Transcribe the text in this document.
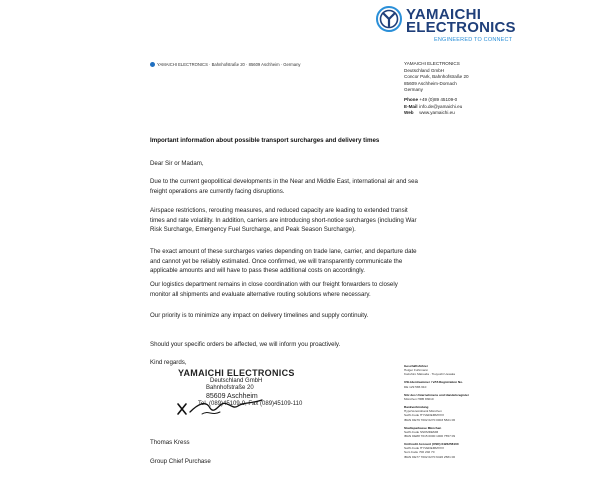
YAMAICHI
ELECTRONICS
ENGINEERED TO CONNECT
YAMAICHI ELECTRONICS · Bahnhofstraße 20 · 85609 Aschheim · Germany	YAMAICHI ELECTRONICS
Deutschland GmbH
Concor Park, Bahnhofstraße 20
85609 Aschheim-Dornach
Germany
Phone +49 (0)89 45109-0
E-Mail info.de@yamaichi.eu
Web www.yamaichi.eu
Important information about possible transport surcharges and delivery times
Dear Sir or Madam,
Due to the current geopolitical developments in the Near and Middle East, international air and sea
freight operations are currently facing disruptions.
Airspace restrictions, rerouting measures, and reduced capacity are leading to extended transit
times and rate volatility. In addition, carriers are introducing short-notice surcharges (including War
Risk Surcharge, Emergency Fuel Surcharge, and Peak Season Surcharge).
The exact amount of these surcharges varies depending on trade lane, carrier, and departure date
and cannot yet be reliably estimated. Once confirmed, we will transparently communicate the
applicable amounts and will have to pass these additional costs on accordingly.
Our logistics department remains in close coordination with our freight forwarders to closely
monitor all shipments and evaluate alternative routing solutions where necessary.
Our priority is to minimize any impact on delivery timelines and supply continuity.
Should your specific orders be affected, we will inform you proactively.
Kind regards,
YAMAICHI ELECTRONICS
Deutschland GmbH
Bahnhofstraße 20
85609 Aschheim
Tel. (089)45109-0, Fax (089)45109-110
Thomas Kress
Group Chief Purchase
Geschäftsführer
Holger Fuhrmann
Kazuhiro Matsuda · Tsuyoshi Uesaka
USt-Identnummer / VAT-Registration No.
DE 129 586 610
Sitz des Unternehmens und Handelsregister
München HRB 83010
Bankverbindung
HypoVereinsbank München
Swift-Code HYVEDEMMXXX
IBAN DE79 7002 0270 0003 5821 06
Stadtsparkasse München
Swift-Code SSKMDEMM
IBAN DE88 7015 0000 1000 7557 09
UniCredit Account (USD) 6426258100
Swift-Code HYVEDEMMXXX
Sort-Code 700 202 70
IBAN DE77 7002 0270 6426 2581 00
